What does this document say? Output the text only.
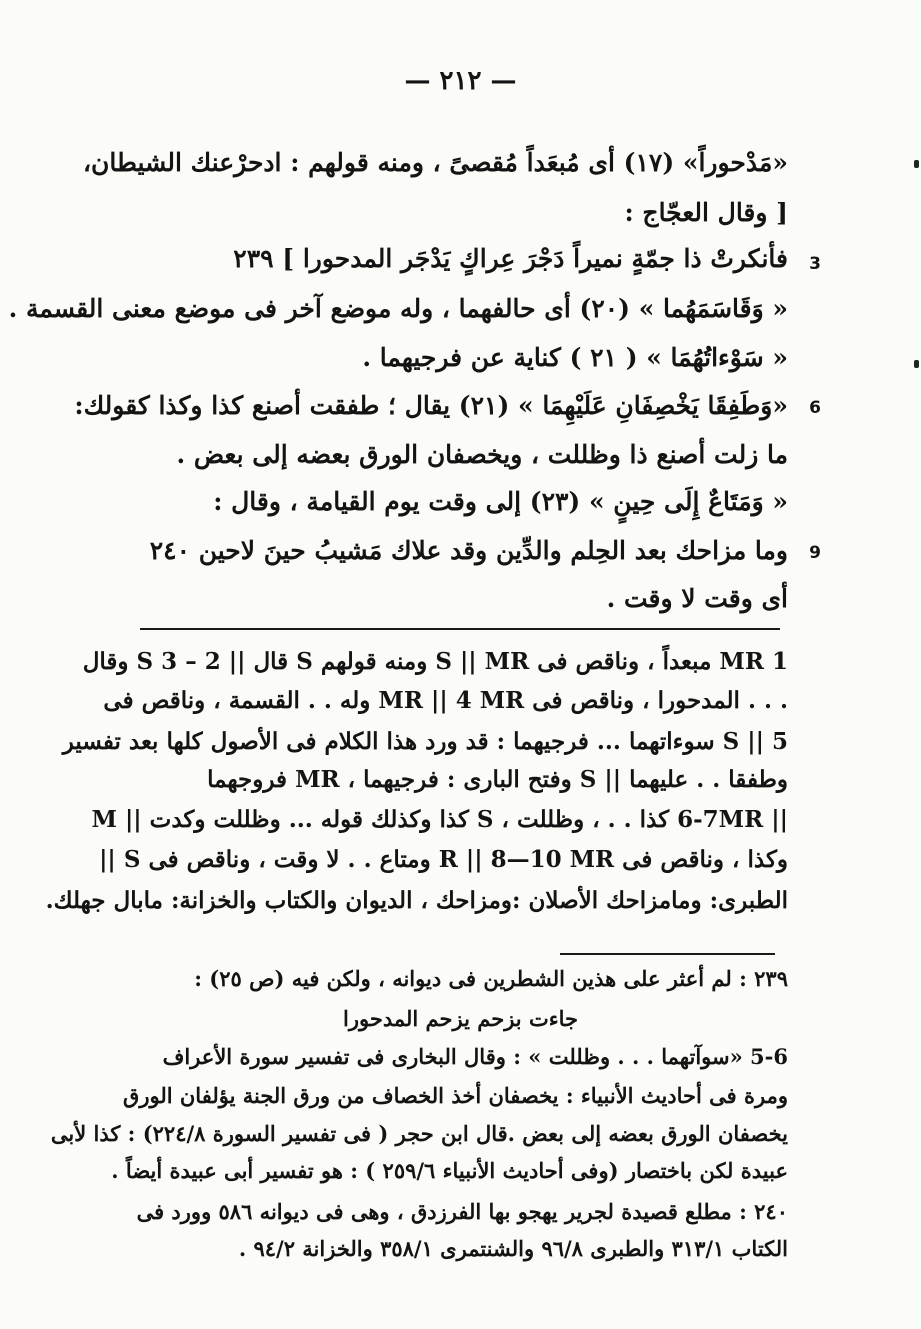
— ٢١٢ —
«مَدْحوراً» (١٧) أى مُبعَداً مُقصىً ، ومنه قولهم : ادحرْعنك الشيطان،
[ وقال العجّاج :
فأنكرتْ ذا جمّةٍ نميراً دَجْرَ عِراكٍ يَدْجَر المدحورا ] ٢٣٩
« وَقَاسَمَهُما » (٢٠) أى حالفهما ، وله موضع آخر فى موضع معنى القسمة .
« سَوْءاتُهُمَا » ( ٢١ ) كناية عن فرجيهما .
«وَطَفِقَا يَخْصِفَانِ عَلَيْهِمَا » (٢١) يقال ؛ طفقت أصنع كذا وكذا كقولك:
ما زلت أصنع ذا وظللت ، ويخصفان الورق بعضه إلى بعض .
« وَمَتَاعٌ إِلَى حِينٍ » (٢٣) إلى وقت يوم القيامة ، وقال :
وما مزاحك بعد الحِلم والدِّين وقد علاك مَشيبُ حينَ لاحين ٢٤٠
أى وقت لا وقت .
3
6
9
MR 1 مبعداً ، وناقص فى S || MR ومنه قولهم S قال || 2 – 3 S وقال
. . . المدحورا ، وناقص فى MR || 4 MR وله . . القسمة ، وناقص فى
S || 5 سوءاتهما ... فرجيهما : قد ورد هذا الكلام فى الأصول كلها بعد تفسير
وطفقا . . عليهما || S وفتح البارى : فرجيهما ، MR فروجهما
|| 6-7MR كذا . . ، وظللت ، S كذا وكذلك قوله ... وظللت وكدت || M
وكذا ، وناقص فى R || 8—10 MR ومتاع . . لا وقت ، وناقص فى S ||
الطبرى: ومامزاحك الأصلان :ومزاحك ، الديوان والكتاب والخزانة: مابال جهلك.
٢٣٩ : لم أعثر على هذين الشطرين فى ديوانه ، ولكن فيه (ص ٢٥) :
جاءت بزحم يزحم المدحورا
5-6 «سوآتهما . . . وظللت » : وقال البخارى فى تفسير سورة الأعراف
ومرة فى أحاديث الأنبياء : يخصفان أخذ الخصاف من ورق الجنة يؤلفان الورق
يخصفان الورق بعضه إلى بعض .قال ابن حجر ( فى تفسير السورة ٢٢٤/٨) : كذا لأبى
عبيدة لكن باختصار (وفى أحاديث الأنبياء ٢٥٩/٦ ) : هو تفسير أبى عبيدة أيضاً .
٢٤٠ : مطلع قصيدة لجرير يهجو بها الفرزدق ، وهى فى ديوانه ٥٨٦ وورد فى
الكتاب ٣١٣/١ والطبرى ٩٦/٨ والشنتمرى ٣٥٨/١ والخزانة ٩٤/٢ .
